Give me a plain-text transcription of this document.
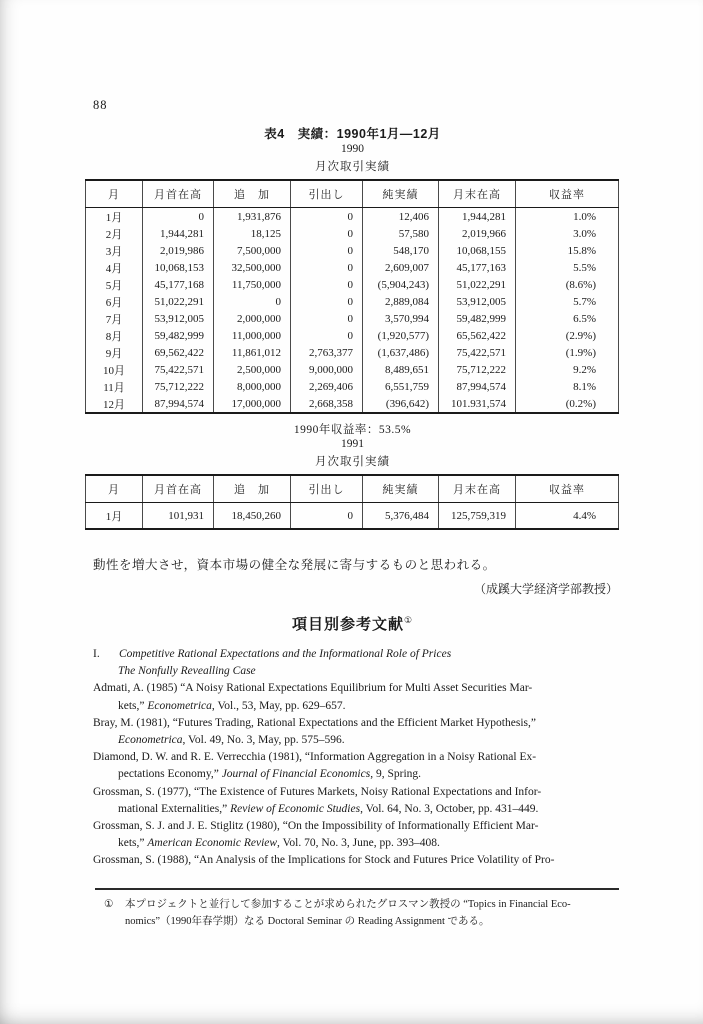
88
表4　実績：1990年1月—12月
1990
月次取引実績
月	月首在高	追　加	引出し	純実績	月末在高	収益率
1月	0	1,931,876	0	12,406	1,944,281	1.0%
2月	1,944,281	18,125	0	57,580	2,019,966	3.0%
3月	2,019,986	7,500,000	0	548,170	10,068,155	15.8%
4月	10,068,153	32,500,000	0	2,609,007	45,177,163	5.5%
5月	45,177,168	11,750,000	0	(5,904,243)	51,022,291	(8.6%)
6月	51,022,291	0	0	2,889,084	53,912,005	5.7%
7月	53,912,005	2,000,000	0	3,570,994	59,482,999	6.5%
8月	59,482,999	11,000,000	0	(1,920,577)	65,562,422	(2.9%)
9月	69,562,422	11,861,012	2,763,377	(1,637,486)	75,422,571	(1.9%)
10月	75,422,571	2,500,000	9,000,000	8,489,651	75,712,222	9.2%
11月	75,712,222	8,000,000	2,269,406	6,551,759	87,994,574	8.1%
12月	87,994,574	17,000,000	2,668,358	(396,642)	101.931,574	(0.2%)
1990年収益率：53.5%
1991
月次取引実績
月	月首在高	追　加	引出し	純実績	月末在高	収益率
1月	101,931	18,450,260	0	5,376,484	125,759,319	4.4%
動性を増大させ，資本市場の健全な発展に寄与するものと思われる。
（成蹊大学経済学部教授）
項目別参考文献①
I. Competitive Rational Expectations and the Informational Role of Prices
The Nonfully Revealling Case
Admati, A. (1985) “A Noisy Rational Expectations Equilibrium for Multi Asset Securities Mar-
kets,” Econometrica, Vol., 53, May, pp. 629–657.
Bray, M. (1981), “Futures Trading, Rational Expectations and the Efficient Market Hypothesis,”
Econometrica, Vol. 49, No. 3, May, pp. 575–596.
Diamond, D. W. and R. E. Verrecchia (1981), “Information Aggregation in a Noisy Rational Ex-
pectations Economy,” Journal of Financial Economics, 9, Spring.
Grossman, S. (1977), “The Existence of Futures Markets, Noisy Rational Expectations and Infor-
mational Externalities,” Review of Economic Studies, Vol. 64, No. 3, October, pp. 431–449.
Grossman, S. J. and J. E. Stiglitz (1980), “On the Impossibility of Informationally Efficient Mar-
kets,” American Economic Review, Vol. 70, No. 3, June, pp. 393–408.
Grossman, S. (1988), “An Analysis of the Implications for Stock and Futures Price Volatility of Pro-
① 本プロジェクトと並行して参加することが求められたグロスマン教授の “Topics in Financial Eco-
nomics”（1990年春学期）なる Doctoral Seminar の Reading Assignment である。
